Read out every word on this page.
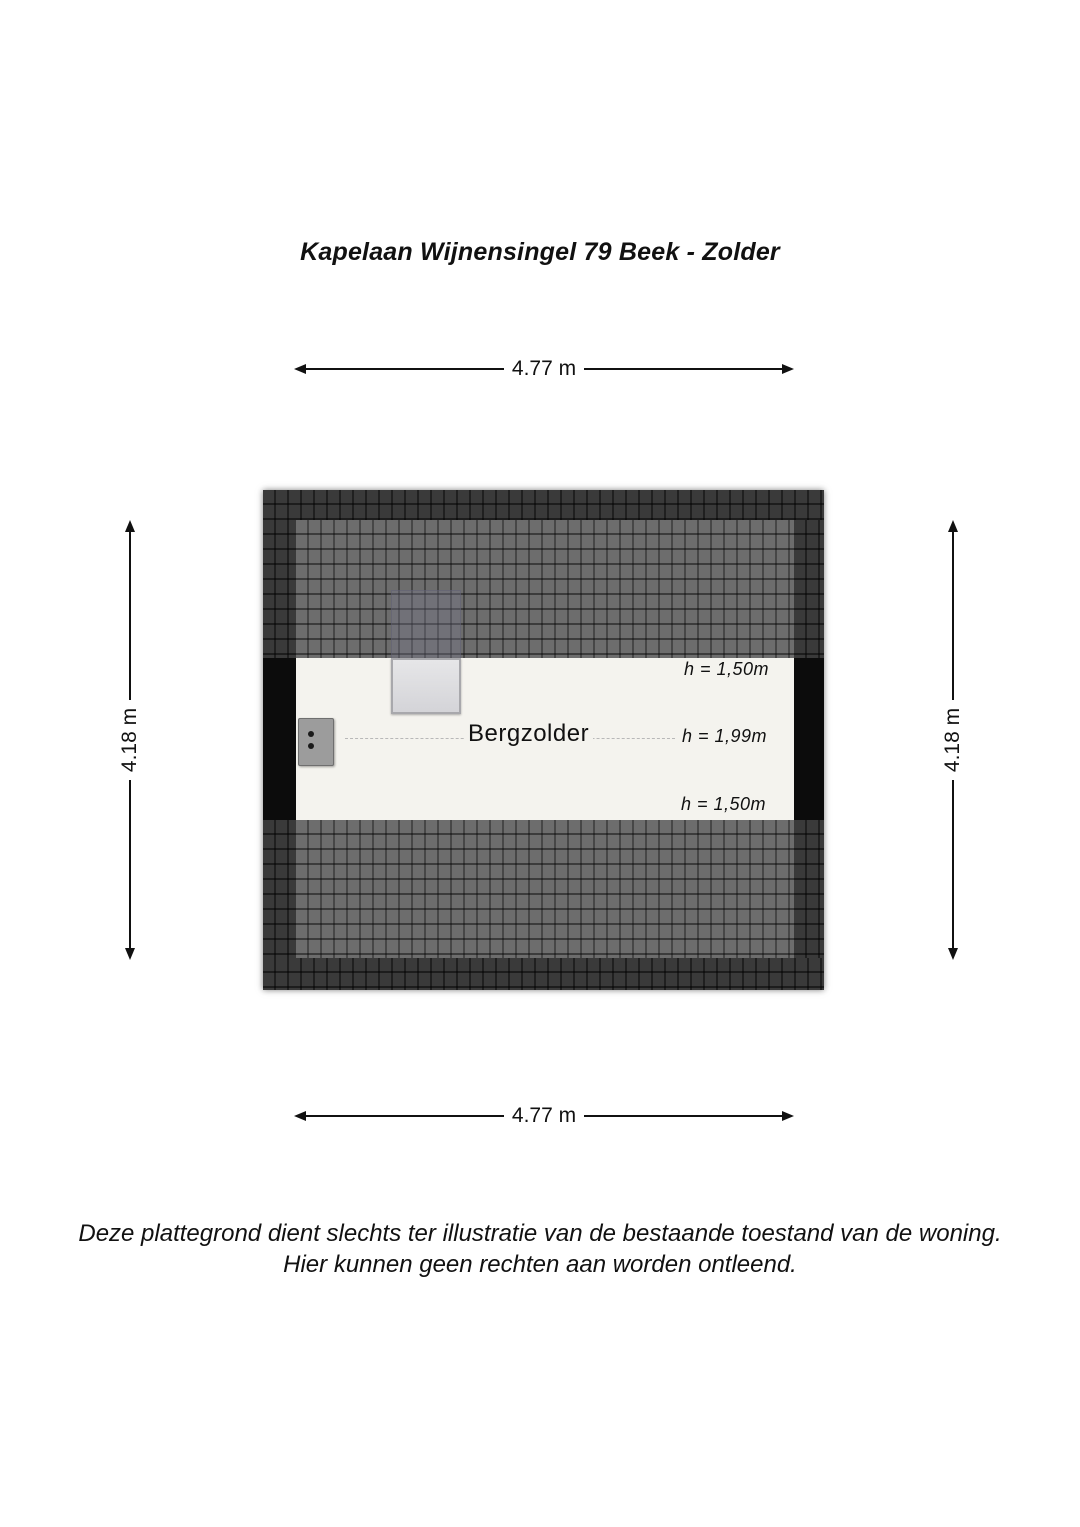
Kapelaan Wijnensingel 79 Beek - Zolder
4.77 m
4.18 m	4.18 m
Bergzolder
h = 1,50m
h = 1,99m
h = 1,50m
4.77 m
Deze plattegrond dient slechts ter illustratie van de bestaande toestand van de woning.
Hier kunnen geen rechten aan worden ontleend.
